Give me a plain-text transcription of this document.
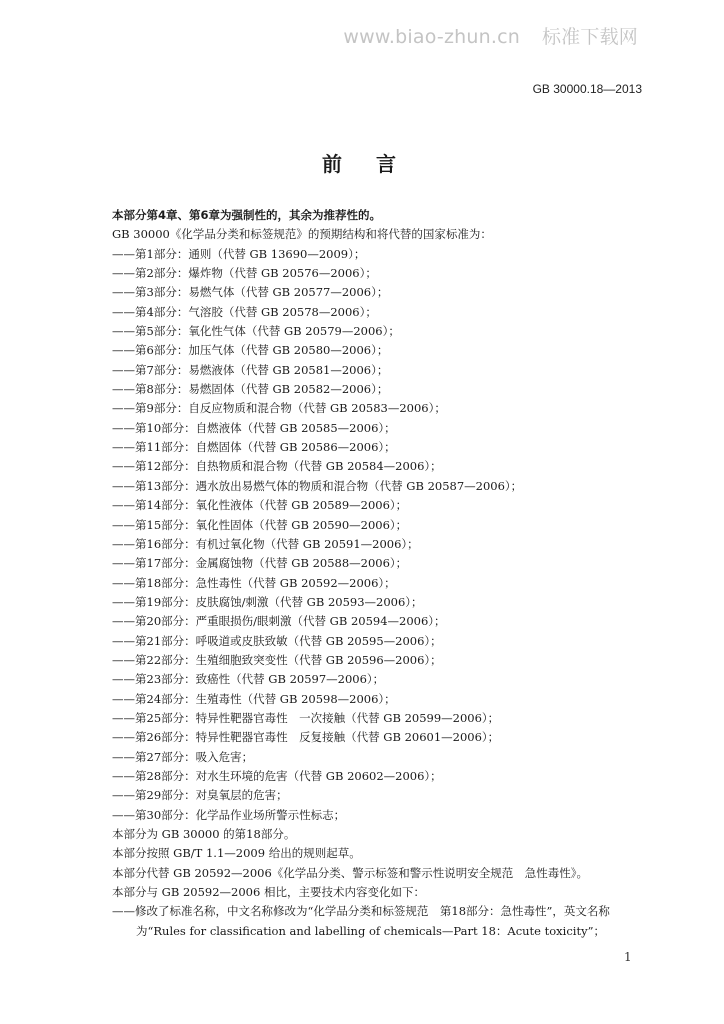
www.biao-zhun.cn 标准下载网
GB 30000.18—2013
前言
本部分第4章、第6章为强制性的，其余为推荐性的。
GB 30000《化学品分类和标签规范》的预期结构和将代替的国家标准为：
——第1部分：通则（代替 GB 13690—2009）；
——第2部分：爆炸物（代替 GB 20576—2006）；
——第3部分：易燃气体（代替 GB 20577—2006）；
——第4部分：气溶胶（代替 GB 20578—2006）；
——第5部分：氧化性气体（代替 GB 20579—2006）；
——第6部分：加压气体（代替 GB 20580—2006）；
——第7部分：易燃液体（代替 GB 20581—2006）；
——第8部分：易燃固体（代替 GB 20582—2006）；
——第9部分：自反应物质和混合物（代替 GB 20583—2006）；
——第10部分：自燃液体（代替 GB 20585—2006）；
——第11部分：自燃固体（代替 GB 20586—2006）；
——第12部分：自热物质和混合物（代替 GB 20584—2006）；
——第13部分：遇水放出易燃气体的物质和混合物（代替 GB 20587—2006）；
——第14部分：氧化性液体（代替 GB 20589—2006）；
——第15部分：氧化性固体（代替 GB 20590—2006）；
——第16部分：有机过氧化物（代替 GB 20591—2006）；
——第17部分：金属腐蚀物（代替 GB 20588—2006）；
——第18部分：急性毒性（代替 GB 20592—2006）；
——第19部分：皮肤腐蚀/刺激（代替 GB 20593—2006）；
——第20部分：严重眼损伤/眼刺激（代替 GB 20594—2006）；
——第21部分：呼吸道或皮肤致敏（代替 GB 20595—2006）；
——第22部分：生殖细胞致突变性（代替 GB 20596—2006）；
——第23部分：致癌性（代替 GB 20597—2006）；
——第24部分：生殖毒性（代替 GB 20598—2006）；
——第25部分：特异性靶器官毒性　一次接触（代替 GB 20599—2006）；
——第26部分：特异性靶器官毒性　反复接触（代替 GB 20601—2006）；
——第27部分：吸入危害；
——第28部分：对水生环境的危害（代替 GB 20602—2006）；
——第29部分：对臭氧层的危害；
——第30部分：化学品作业场所警示性标志；
本部分为 GB 30000 的第18部分。
本部分按照 GB/T 1.1—2009 给出的规则起草。
本部分代替 GB 20592—2006《化学品分类、警示标签和警示性说明安全规范　急性毒性》。
本部分与 GB 20592—2006 相比，主要技术内容变化如下：
——修改了标准名称，中文名称修改为“化学品分类和标签规范　第18部分：急性毒性”，英文名称
为“Rules for classification and labelling of chemicals—Part 18：Acute toxicity”；
1
